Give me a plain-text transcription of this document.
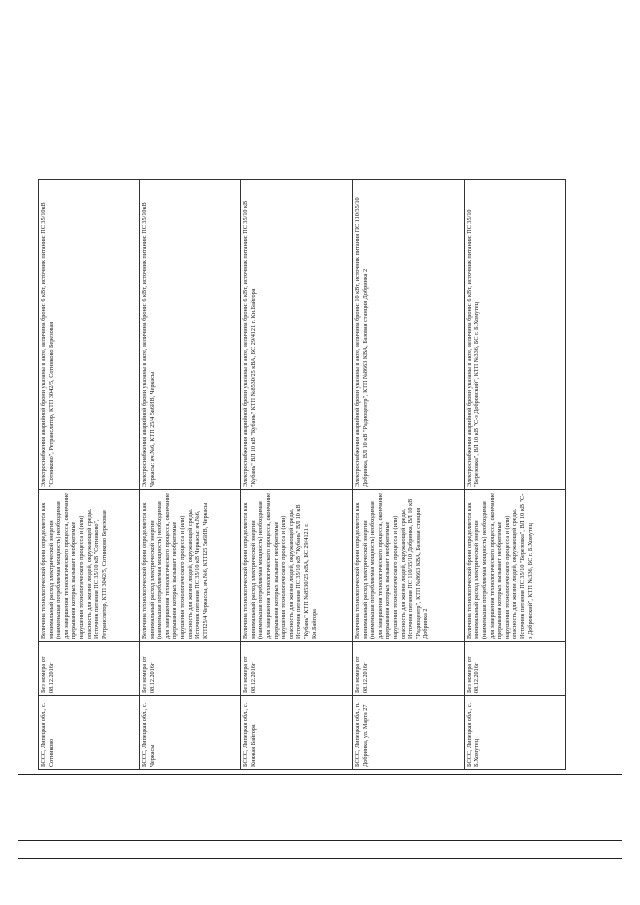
БССС, Липецкая обл., с. Сотниково	Без номера от 08.12.2016г	Величина технологической брони определяется как минимальный расход электрической энергии (наименьшая потребляемая мощность) необходимая для завершения технологического процесса, окончание прерывания которых вызывает необратимые нарушения технологического процесса и (или) опасность для жизни людей, окружающей среды. Источник питания ПС 35/10 кВ "Сотниково", Ретранслятор, КТП 3042/5, Сотниково Березовая	Электроснабжения аварийной брони указаны в акте, величина брони: 6 кВт, источник питания: ПС 35/10кВ "Сотниково", Ретранслятор, КТП 3042/5, Сотниково Березовая
БССС, Липецкая обл., с. Черкасы	Без номера от 08.12.2016г	Величина технологической брони определяется как минимальный расход электрической энергии (наименьшая потребляемая мощность) необходимая для завершения технологического процесса, окончание прерывания которых вызывает необратимые нарушения технологического процесса и (или) опасность для жизни людей, окружающей среды. Источник питания ПС 35/10 кВ Черкасы: яч.№6, КТП25/4 Черкассы, яч.№6, КТП25 5в6ИВ, Черкасы	Электроснабжения аварийной брони указаны в акте, величина брони: 6 кВт, источник питания: ПС 35/10кВ Черкасы: яч.№6, КТП 25/4 5в6ИВ, Черкасы
БССС, Липецкая обл., с. Княжая Байгора	Без номера от 08.12.2016г	Величина технологической брони определяется как минимальный расход электрической энергии (наименьшая потребляемая мощность) необходимая для завершения технологического процесса, окончание прерывания которых вызывает необратимые нарушения технологического процесса и (или) опасность для жизни людей, окружающей среды. Источник питания ПС 35/10 кВ "Кубань" ВЛ 10 кВ "Кубань" КТП №8530/25 кВА, БС 29/4121 г. Кн.Байгора	Электроснабжения аварийной брони указаны в акте, величина брони: 6 кВт, источник питания: ПС 35/10 кВ "Кубань" ВЛ 10 кВ "Кубань" КТП №8530/25 кВА, БС 29/4121 г. Кн.Байгора
БССС, Липецкая обл., п. Добринка, ул. Марта 27	Без номера от 08.12.2016г	Величина технологической брони определяется как минимальный расход электрической энергии (наименьшая потребляемая мощность) необходимая для завершения технологического процесса, окончание прерывания которых вызывает необратимые нарушения технологического процесса и (или) опасность для жизни людей, окружающей среды. Источник питания ПС 110/35/10 Добринка, ВЛ 10 кВ "Радиоцентр", КТП №8663 КВА, Базовая станция Добринка 2	Электроснабжения аварийной брони указаны в акте, величина брони: 10 кВт, источник питания ПС 110/35/10 Добринка, ВЛ 10 кВ "Радиоцентр", КТП №8663 КВА, Базовая станция Добринка 2
БССС, Липецкая обл., с. Б.Хомутец	Без номера от 08.12.2016г	Величина технологической брони определяется как минимальный расход электрической энергии (наименьшая потребляемая мощность) необходимая для завершения технологического процесса, окончание прерывания которых вызывает необратимые нарушения технологического процесса и (или) опасность для жизни людей, окружающей среды. Источник питания ПС 35/10 "Березовка", ВЛ 10 кВ "С-з Добровский", КТП №336, БС г. Б.Хомутец	Электроснабжения аварийной брони указаны в акте, величина брони: 6 кВт, источник питания: ПС 35/10 "Березовка", ВЛ 10 кВ "С-з Добровский", КТП №336, БС г. Б.Хомутец
